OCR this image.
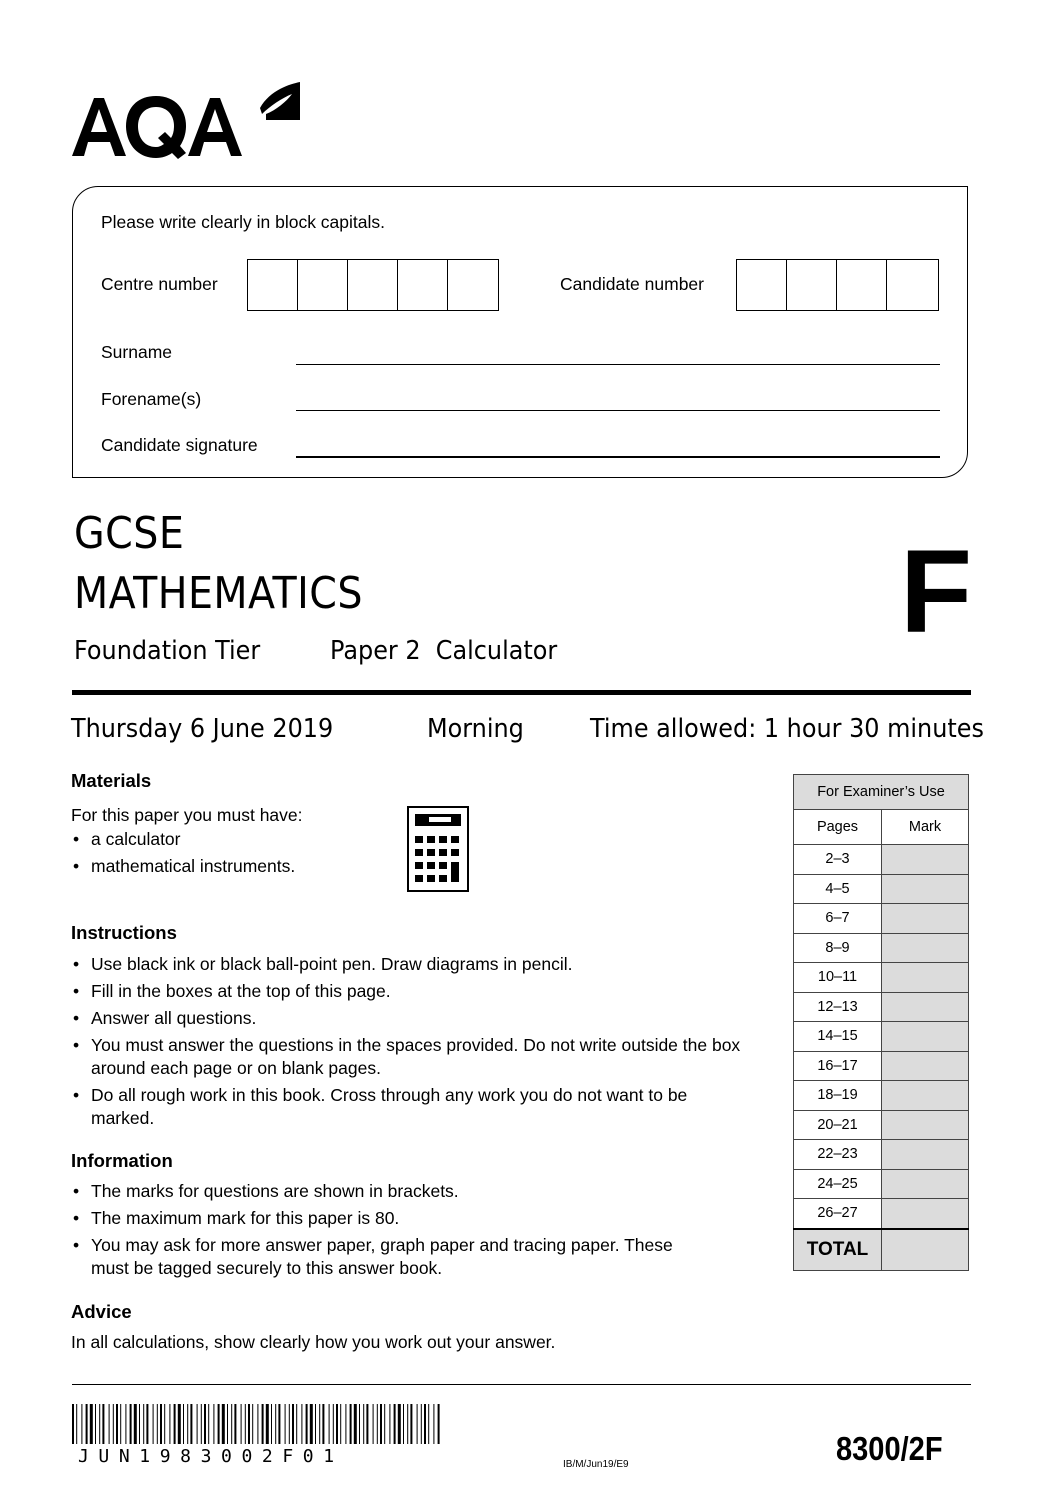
Please write clearly in block capitals.
Centre number	Candidate number
Surname
Forename(s)
Candidate signature
GCSE
MATHEMATICS
Foundation Tier	Paper 2  Calculator	F
Thursday 6 June 2019	Morning	Time allowed: 1 hour 30 minutes
Materials
For this paper you must have:
• a calculator
• mathematical instruments.
Instructions
• Use black ink or black ball-point pen. Draw diagrams in pencil.
• Fill in the boxes at the top of this page.
• Answer all questions.
• You must answer the questions in the spaces provided. Do not write outside the box around each page or on blank pages.
• Do all rough work in this book. Cross through any work you do not want to be marked.
Information
• The marks for questions are shown in brackets.
• The maximum mark for this paper is 80.
• You may ask for more answer paper, graph paper and tracing paper. These must be tagged securely to this answer book.
Advice
In all calculations, show clearly how you work out your answer.
For Examiner’s Use	
Pages	Mark
2–3	
4–5	
6–7	
8–9	
10–11	
12–13	
14–15	
16–17	
18–19	
20–21	
22–23	
24–25	
26–27	
TOTAL	
JUN1983002F01	IB/M/Jun19/E9	8300/2F
